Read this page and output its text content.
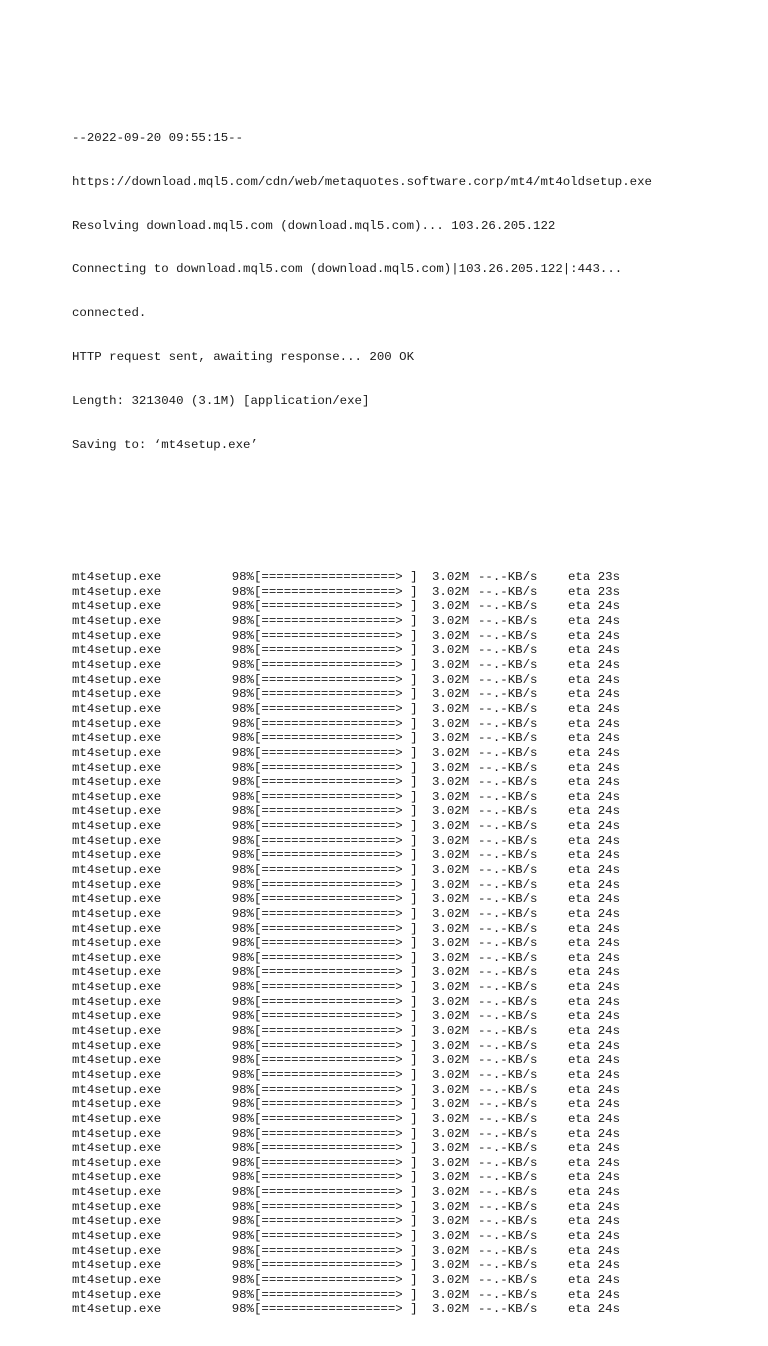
--2022-09-20 09:55:15--

https://download.mql5.com/cdn/web/metaquotes.software.corp/mt4/mt4oldsetup.exe

Resolving download.mql5.com (download.mql5.com)... 103.26.205.122

Connecting to download.mql5.com (download.mql5.com)|103.26.205.122|:443...

connected.

HTTP request sent, awaiting response... 200 OK

Length: 3213040 (3.1M) [application/exe]

Saving to: ‘mt4setup.exe’

mt4setup.exe	98%[==================> ] 3.02M --.-KB/s eta 23s
mt4setup.exe	98%[==================> ] 3.02M --.-KB/s eta 23s
mt4setup.exe	98%[==================> ] 3.02M --.-KB/s eta 24s
mt4setup.exe	98%[==================> ] 3.02M --.-KB/s eta 24s
mt4setup.exe	98%[==================> ] 3.02M --.-KB/s eta 24s
mt4setup.exe	98%[==================> ] 3.02M --.-KB/s eta 24s
mt4setup.exe	98%[==================> ] 3.02M --.-KB/s eta 24s
mt4setup.exe	98%[==================> ] 3.02M --.-KB/s eta 24s
mt4setup.exe	98%[==================> ] 3.02M --.-KB/s eta 24s
mt4setup.exe	98%[==================> ] 3.02M --.-KB/s eta 24s
mt4setup.exe	98%[==================> ] 3.02M --.-KB/s eta 24s
mt4setup.exe	98%[==================> ] 3.02M --.-KB/s eta 24s
mt4setup.exe	98%[==================> ] 3.02M --.-KB/s eta 24s
mt4setup.exe	98%[==================> ] 3.02M --.-KB/s eta 24s
mt4setup.exe	98%[==================> ] 3.02M --.-KB/s eta 24s
mt4setup.exe	98%[==================> ] 3.02M --.-KB/s eta 24s
mt4setup.exe	98%[==================> ] 3.02M --.-KB/s eta 24s
mt4setup.exe	98%[==================> ] 3.02M --.-KB/s eta 24s
mt4setup.exe	98%[==================> ] 3.02M --.-KB/s eta 24s
mt4setup.exe	98%[==================> ] 3.02M --.-KB/s eta 24s
mt4setup.exe	98%[==================> ] 3.02M --.-KB/s eta 24s
mt4setup.exe	98%[==================> ] 3.02M --.-KB/s eta 24s
mt4setup.exe	98%[==================> ] 3.02M --.-KB/s eta 24s
mt4setup.exe	98%[==================> ] 3.02M --.-KB/s eta 24s
mt4setup.exe	98%[==================> ] 3.02M --.-KB/s eta 24s
mt4setup.exe	98%[==================> ] 3.02M --.-KB/s eta 24s
mt4setup.exe	98%[==================> ] 3.02M --.-KB/s eta 24s
mt4setup.exe	98%[==================> ] 3.02M --.-KB/s eta 24s
mt4setup.exe	98%[==================> ] 3.02M --.-KB/s eta 24s
mt4setup.exe	98%[==================> ] 3.02M --.-KB/s eta 24s
mt4setup.exe	98%[==================> ] 3.02M --.-KB/s eta 24s
mt4setup.exe	98%[==================> ] 3.02M --.-KB/s eta 24s
mt4setup.exe	98%[==================> ] 3.02M --.-KB/s eta 24s
mt4setup.exe	98%[==================> ] 3.02M --.-KB/s eta 24s
mt4setup.exe	98%[==================> ] 3.02M --.-KB/s eta 24s
mt4setup.exe	98%[==================> ] 3.02M --.-KB/s eta 24s
mt4setup.exe	98%[==================> ] 3.02M --.-KB/s eta 24s
mt4setup.exe	98%[==================> ] 3.02M --.-KB/s eta 24s
mt4setup.exe	98%[==================> ] 3.02M --.-KB/s eta 24s
mt4setup.exe	98%[==================> ] 3.02M --.-KB/s eta 24s
mt4setup.exe	98%[==================> ] 3.02M --.-KB/s eta 24s
mt4setup.exe	98%[==================> ] 3.02M --.-KB/s eta 24s
mt4setup.exe	98%[==================> ] 3.02M --.-KB/s eta 24s
mt4setup.exe	98%[==================> ] 3.02M --.-KB/s eta 24s
mt4setup.exe	98%[==================> ] 3.02M --.-KB/s eta 24s
mt4setup.exe	98%[==================> ] 3.02M --.-KB/s eta 24s
mt4setup.exe	98%[==================> ] 3.02M --.-KB/s eta 24s
mt4setup.exe	98%[==================> ] 3.02M --.-KB/s eta 24s
mt4setup.exe	98%[==================> ] 3.02M --.-KB/s eta 24s
mt4setup.exe	98%[==================> ] 3.02M --.-KB/s eta 24s
mt4setup.exe	98%[==================> ] 3.02M --.-KB/s eta 24s
